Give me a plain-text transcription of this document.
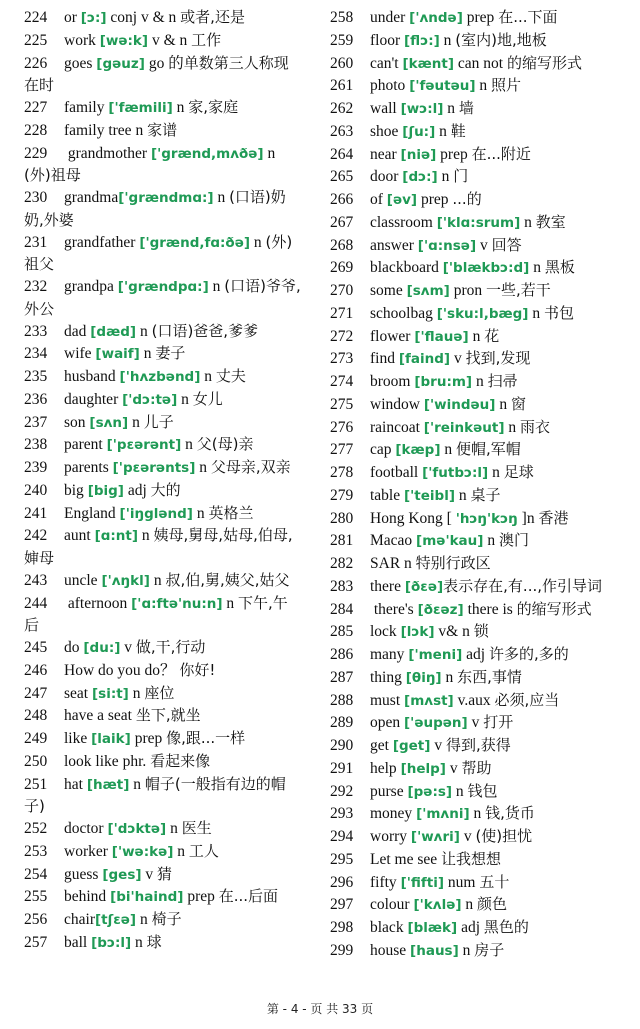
224 or [ɔ:] conj v & n 或者,还是
225 work [wə:k] v & n 工作
226 goes [gəuz] go 的单数第三人称现在时
227 family ['fæmili] n 家,家庭
228 family tree n 家谱
229 grandmother ['grænd,mʌðə] n (外)祖母
230 grandma['grændmɑ:] n (口语)奶奶,外婆
231 grandfather ['grænd,fɑ:ðə] n (外)祖父
232 grandpa ['grændpɑ:] n (口语)爷爷,外公
233 dad [dæd] n (口语)爸爸,爹爹
234 wife [waif] n 妻子
235 husband ['hʌzbənd] n 丈夫
236 daughter ['dɔ:tə] n 女儿
237 son [sʌn] n 儿子
238 parent ['pɛərənt] n 父(母)亲
239 parents ['pɛərənts] n 父母亲,双亲
240 big [big] adj 大的
241 England ['iŋglənd] n 英格兰
242 aunt [ɑ:nt] n 姨母,舅母,姑母,伯母,婶母
243 uncle ['ʌŋkl] n 叔,伯,舅,姨父,姑父
244 afternoon ['ɑ:ftə'nu:n] n 下午,午后
245 do [du:] v 做,干,行动
246 How do you do？ 你好!
247 seat [si:t] n 座位
248 have a seat 坐下,就坐
249 like [laik] prep 像,跟...一样
250 look like phr. 看起来像
251 hat [hæt] n 帽子(一般指有边的帽子)
252 doctor ['dɔktə] n 医生
253 worker ['wə:kə] n 工人
254 guess [ges] v 猜
255 behind [bi'haind] prep 在...后面
256 chair[tʃɛə] n 椅子
257 ball [bɔ:l] n 球
258 under ['ʌndə] prep 在...下面
259 floor [flɔ:] n (室内)地,地板
260 can't [kænt] can not 的缩写形式
261 photo ['fəutəu] n 照片
262 wall [wɔ:l] n 墙
263 shoe [ʃu:] n 鞋
264 near [niə] prep 在...附近
265 door [dɔ:] n 门
266 of [əv] prep ...的
267 classroom ['klɑ:srum] n 教室
268 answer ['ɑ:nsə] v 回答
269 blackboard ['blækbɔ:d] n 黑板
270 some [sʌm] pron 一些,若干
271 schoolbag ['sku:l,bæg] n 书包
272 flower ['flauə] n 花
273 find [faind] v 找到,发现
274 broom [bru:m] n 扫帚
275 window ['windəu] n 窗
276 raincoat ['reinkəut] n 雨衣
277 cap [kæp] n 便帽,军帽
278 football ['futbɔ:l] n 足球
279 table ['teibl] n 桌子
280 Hong Kong [ 'hɔŋ'kɔŋ ]n 香港
281 Macao [mə'kau] n 澳门
282 SAR n 特别行政区
283 there [ðɛə]表示存在,有...,作引导词
284 there's [ðɛəz] there is 的缩写形式
285 lock [lɔk] v& n 锁
286 many ['meni] adj 许多的,多的
287 thing [θiŋ] n 东西,事情
288 must [mʌst] v.aux 必须,应当
289 open ['əupən] v 打开
290 get [get] v 得到,获得
291 help [help] v 帮助
292 purse [pə:s] n 钱包
293 money ['mʌni] n 钱,货币
294 worry ['wʌri] v (使)担忧
295 Let me see 让我想想
296 fifty ['fifti] num 五十
297 colour ['kʌlə] n 颜色
298 black [blæk] adj 黑色的
299 house [haus] n 房子
第 - 4 - 页 共 33 页
